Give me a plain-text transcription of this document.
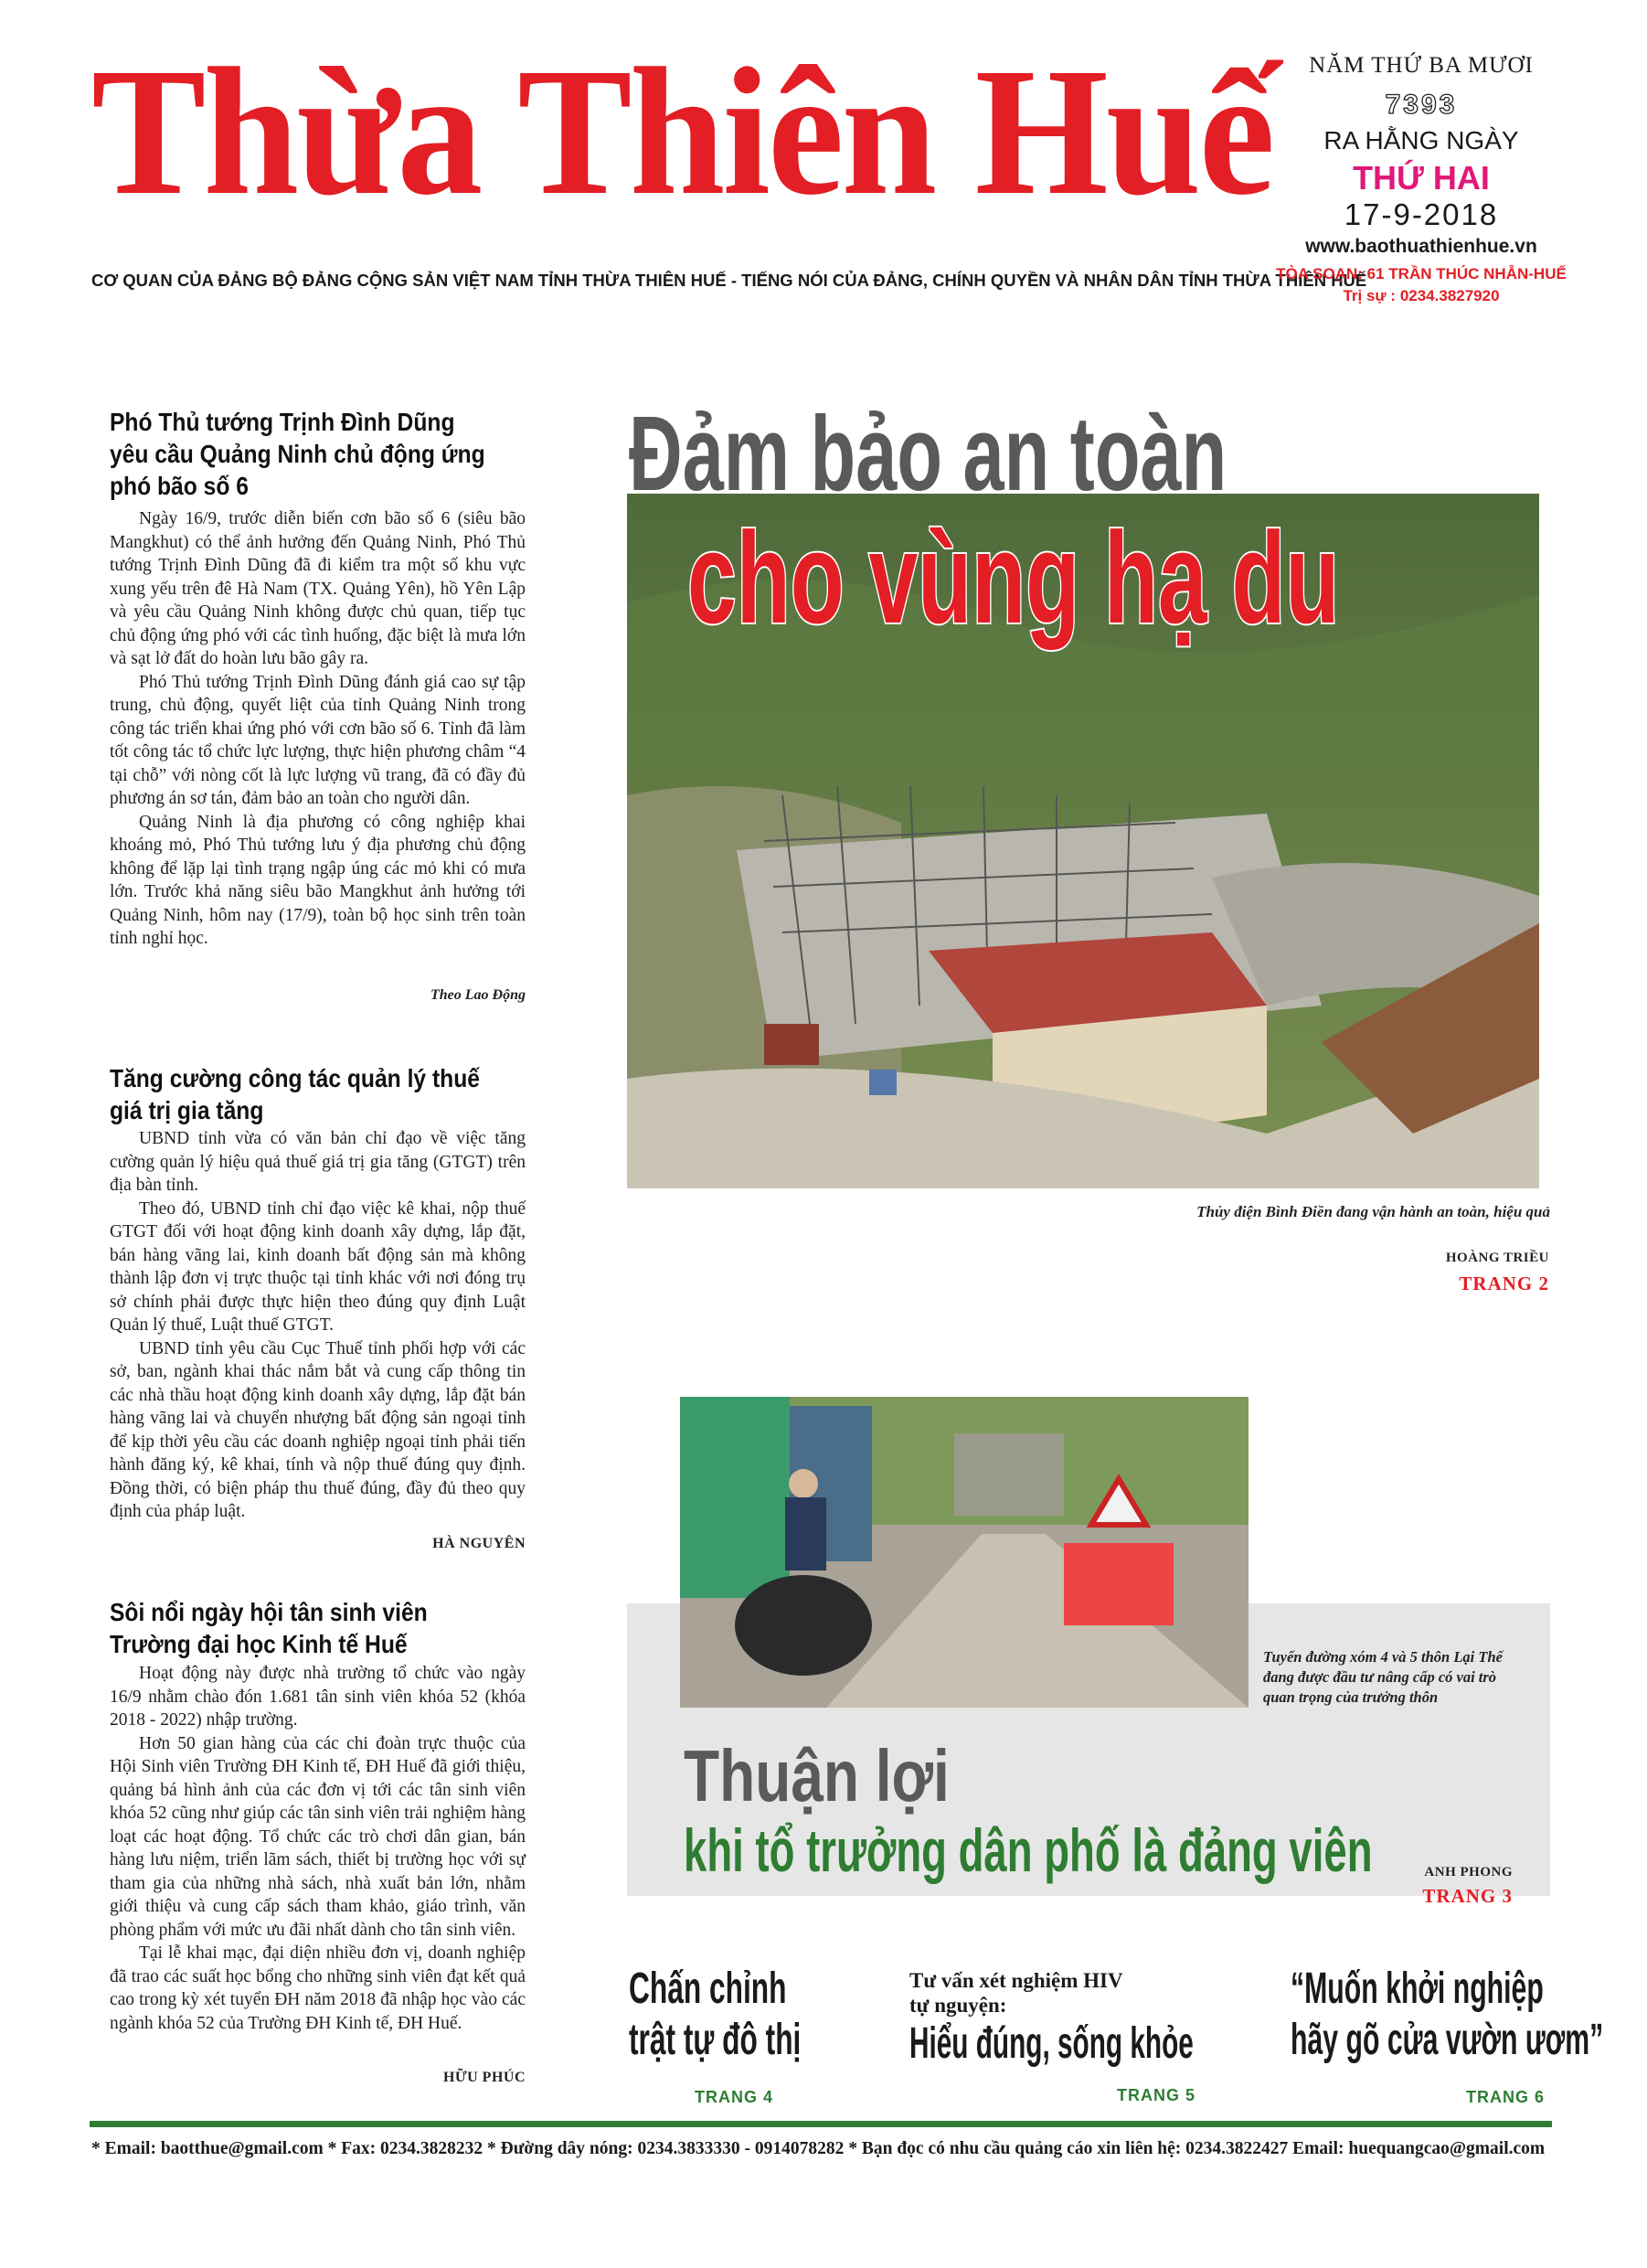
Thừa Thiên Huế
CƠ QUAN CỦA ĐẢNG BỘ ĐẢNG CỘNG SẢN VIỆT NAM TỈNH THỪA THIÊN HUẾ - TIẾNG NÓI CỦA ĐẢNG, CHÍNH QUYỀN VÀ NHÂN DÂN TỈNH THỪA THIÊN HUẾ
NĂM THỨ BA MƯƠI
7393
RA HẰNG NGÀY
THỨ HAI
17-9-2018
www.baothuathienhue.vn
TÒA SOẠN: 61 TRẦN THÚC NHẪN-HUẾ
Trị sự : 0234.3827920
Phó Thủ tướng Trịnh Đình Dũng yêu cầu Quảng Ninh chủ động ứng phó bão số 6

Ngày 16/9, trước diễn biến cơn bão số 6 (siêu bão Mangkhut) có thể ảnh hưởng đến Quảng Ninh, Phó Thủ tướng Trịnh Đình Dũng đã đi kiểm tra một số khu vực xung yếu trên đê Hà Nam (TX. Quảng Yên), hồ Yên Lập và yêu cầu Quảng Ninh không được chủ quan, tiếp tục chủ động ứng phó với các tình huống, đặc biệt là mưa lớn và sạt lở đất do hoàn lưu bão gây ra.

Phó Thủ tướng Trịnh Đình Dũng đánh giá cao sự tập trung, chủ động, quyết liệt của tỉnh Quảng Ninh trong công tác triển khai ứng phó với cơn bão số 6. Tỉnh đã làm tốt công tác tổ chức lực lượng, thực hiện phương châm “4 tại chỗ” với nòng cốt là lực lượng vũ trang, đã có đầy đủ phương án sơ tán, đảm bảo an toàn cho người dân.

Quảng Ninh là địa phương có công nghiệp khai khoáng mỏ, Phó Thủ tướng lưu ý địa phương chủ động không để lặp lại tình trạng ngập úng các mỏ khi có mưa lớn. Trước khả năng siêu bão Mangkhut ảnh hưởng tới Quảng Ninh, hôm nay (17/9), toàn bộ học sinh trên toàn tỉnh nghỉ học.

Theo Lao Động
Tăng cường công tác quản lý thuế giá trị gia tăng

UBND tỉnh vừa có văn bản chỉ đạo về việc tăng cường quản lý hiệu quả thuế giá trị gia tăng (GTGT) trên địa bàn tỉnh.

Theo đó, UBND tỉnh chỉ đạo việc kê khai, nộp thuế GTGT đối với hoạt động kinh doanh xây dựng, lắp đặt, bán hàng vãng lai, kinh doanh bất động sản mà không thành lập đơn vị trực thuộc tại tỉnh khác với nơi đóng trụ sở chính phải được thực hiện theo đúng quy định Luật Quản lý thuế, Luật thuế GTGT.

UBND tỉnh yêu cầu Cục Thuế tỉnh phối hợp với các sở, ban, ngành khai thác nắm bắt và cung cấp thông tin các nhà thầu hoạt động kinh doanh xây dựng, lắp đặt bán hàng vãng lai và chuyển nhượng bất động sản ngoại tỉnh để kịp thời yêu cầu các doanh nghiệp ngoại tỉnh phải tiến hành đăng ký, kê khai, tính và nộp thuế đúng quy định. Đồng thời, có biện pháp thu thuế đúng, đầy đủ theo quy định của pháp luật.

HÀ NGUYÊN
Sôi nổi ngày hội tân sinh viên Trường đại học Kinh tế Huế

Hoạt động này được nhà trường tổ chức vào ngày 16/9 nhằm chào đón 1.681 tân sinh viên khóa 52 (khóa 2018 - 2022) nhập trường.

Hơn 50 gian hàng của các chi đoàn trực thuộc của Hội Sinh viên Trường ĐH Kinh tế, ĐH Huế đã giới thiệu, quảng bá hình ảnh của các đơn vị tới các tân sinh viên khóa 52 cũng như giúp các tân sinh viên trải nghiệm hàng loạt các hoạt động. Tổ chức các trò chơi dân gian, bán hàng lưu niệm, triển lãm sách, thiết bị trường học với sự tham gia của những nhà sách, nhà xuất bản lớn, nhằm giới thiệu và cung cấp sách tham khảo, giáo trình, văn phòng phẩm với mức ưu đãi nhất dành cho tân sinh viên.

Tại lễ khai mạc, đại diện nhiều đơn vị, doanh nghiệp đã trao các suất học bổng cho những sinh viên đạt kết quả cao trong kỳ xét tuyển ĐH năm 2018 đã nhập học vào các ngành khóa 52 của Trường ĐH Kinh tế, ĐH Huế.

HỮU PHÚC
Đảm bảo an toàn
cho vùng hạ du
Thủy điện Bình Điền đang vận hành an toàn, hiệu quả
HOÀNG TRIỀU
TRANG 2
Tuyến đường xóm 4 và 5 thôn Lại Thế đang được đầu tư nâng cấp có vai trò quan trọng của trưởng thôn
Thuận lợi
khi tổ trưởng dân phố là đảng viên	ANH PHONG
TRANG 3
Chấn chỉnh
trật tự đô thị
TRANG 4
Tư vấn xét nghiệm HIV tự nguyện:
Hiểu đúng, sống khỏe
TRANG 5
“Muốn khởi nghiệp
hãy gõ cửa vườn ươm”
TRANG 6
* Email: baotthue@gmail.com * Fax: 0234.3828232 * Đường dây nóng: 0234.3833330 - 0914078282 * Bạn đọc có nhu cầu quảng cáo xin liên hệ: 0234.3822427 Email: huequangcao@gmail.com
